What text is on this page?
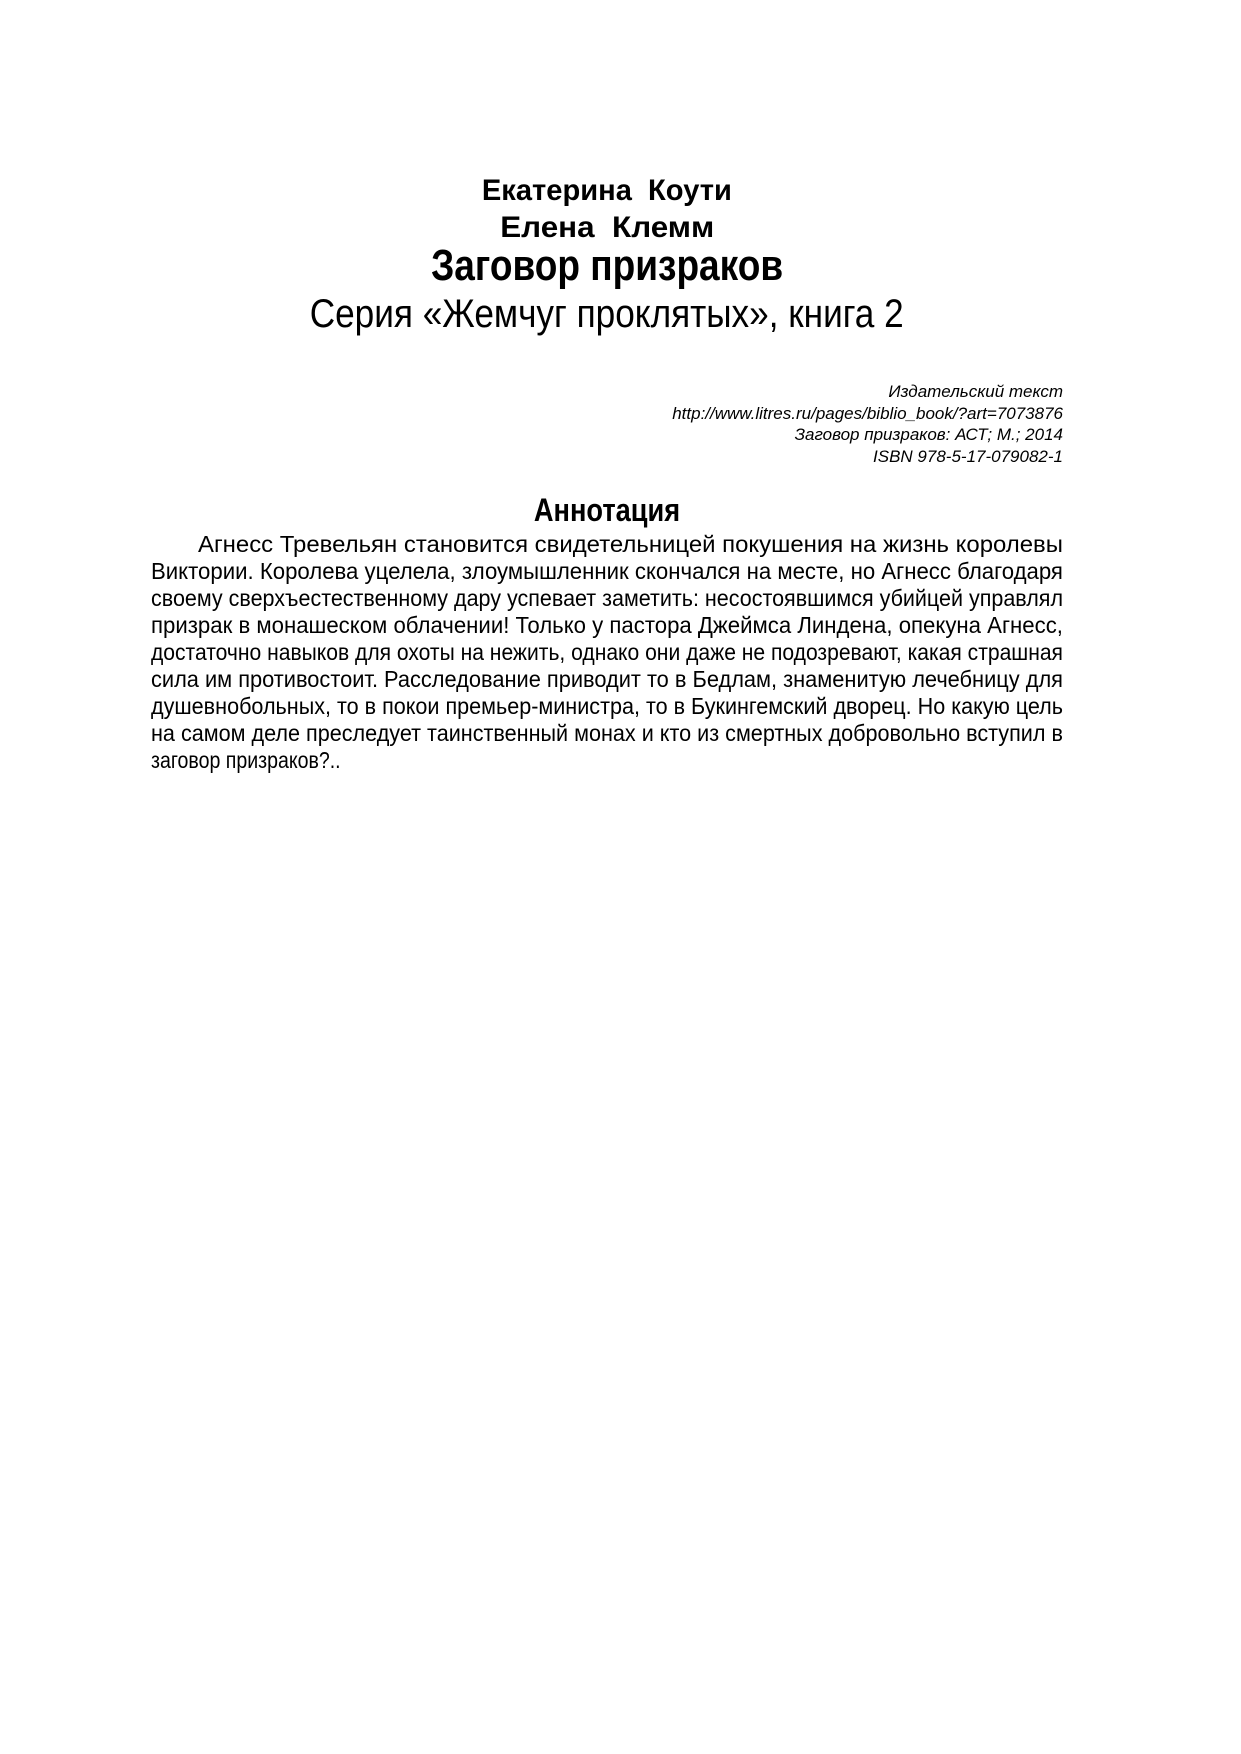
Екатерина  Коути
Елена  Клемм
Заговор призраков
Серия «Жемчуг проклятых», книга 2
Издательский текст
http://www.litres.ru/pages/biblio_book/?art=7073876
Заговор призраков: АСТ; М.; 2014
ISBN 978-5-17-079082-1
Аннотация
Агнесс Тревельян становится свидетельницей покушения на жизнь королевы
Виктории. Королева уцелела, злоумышленник скончался на месте, но Агнесс благодаря
своему сверхъестественному дару успевает заметить: несостоявшимся убийцей управлял
призрак в монашеском облачении! Только у пастора Джеймса Линдена, опекуна Агнесс,
достаточно навыков для охоты на нежить, однако они даже не подозревают, какая страшная
сила им противостоит. Расследование приводит то в Бедлам, знаменитую лечебницу для
душевнобольных, то в покои премьер-министра, то в Букингемский дворец. Но какую цель
на самом деле преследует таинственный монах и кто из смертных добровольно вступил в
заговор призраков?..
